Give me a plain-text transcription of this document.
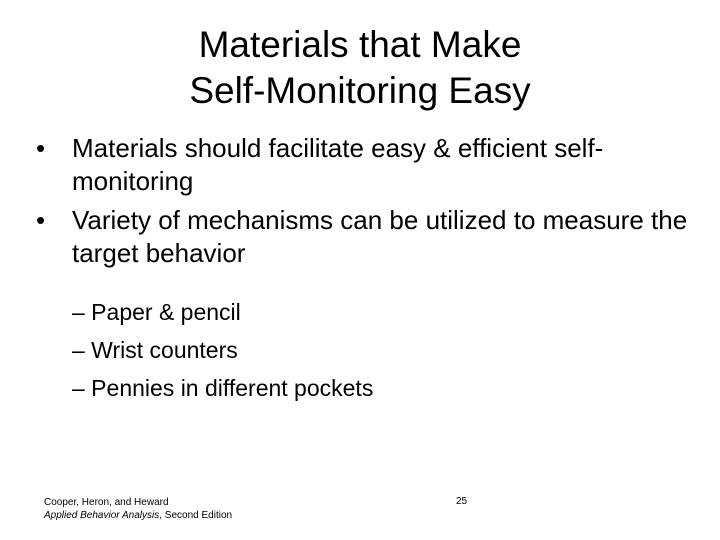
Materials that Make
Self-Monitoring Easy
• Materials should facilitate easy & efficient self-monitoring
• Variety of mechanisms can be utilized to measure the target behavior
– Paper & pencil
– Wrist counters
– Pennies in different pockets
Cooper, Heron, and Heward
Applied Behavior Analysis, Second Edition
25
